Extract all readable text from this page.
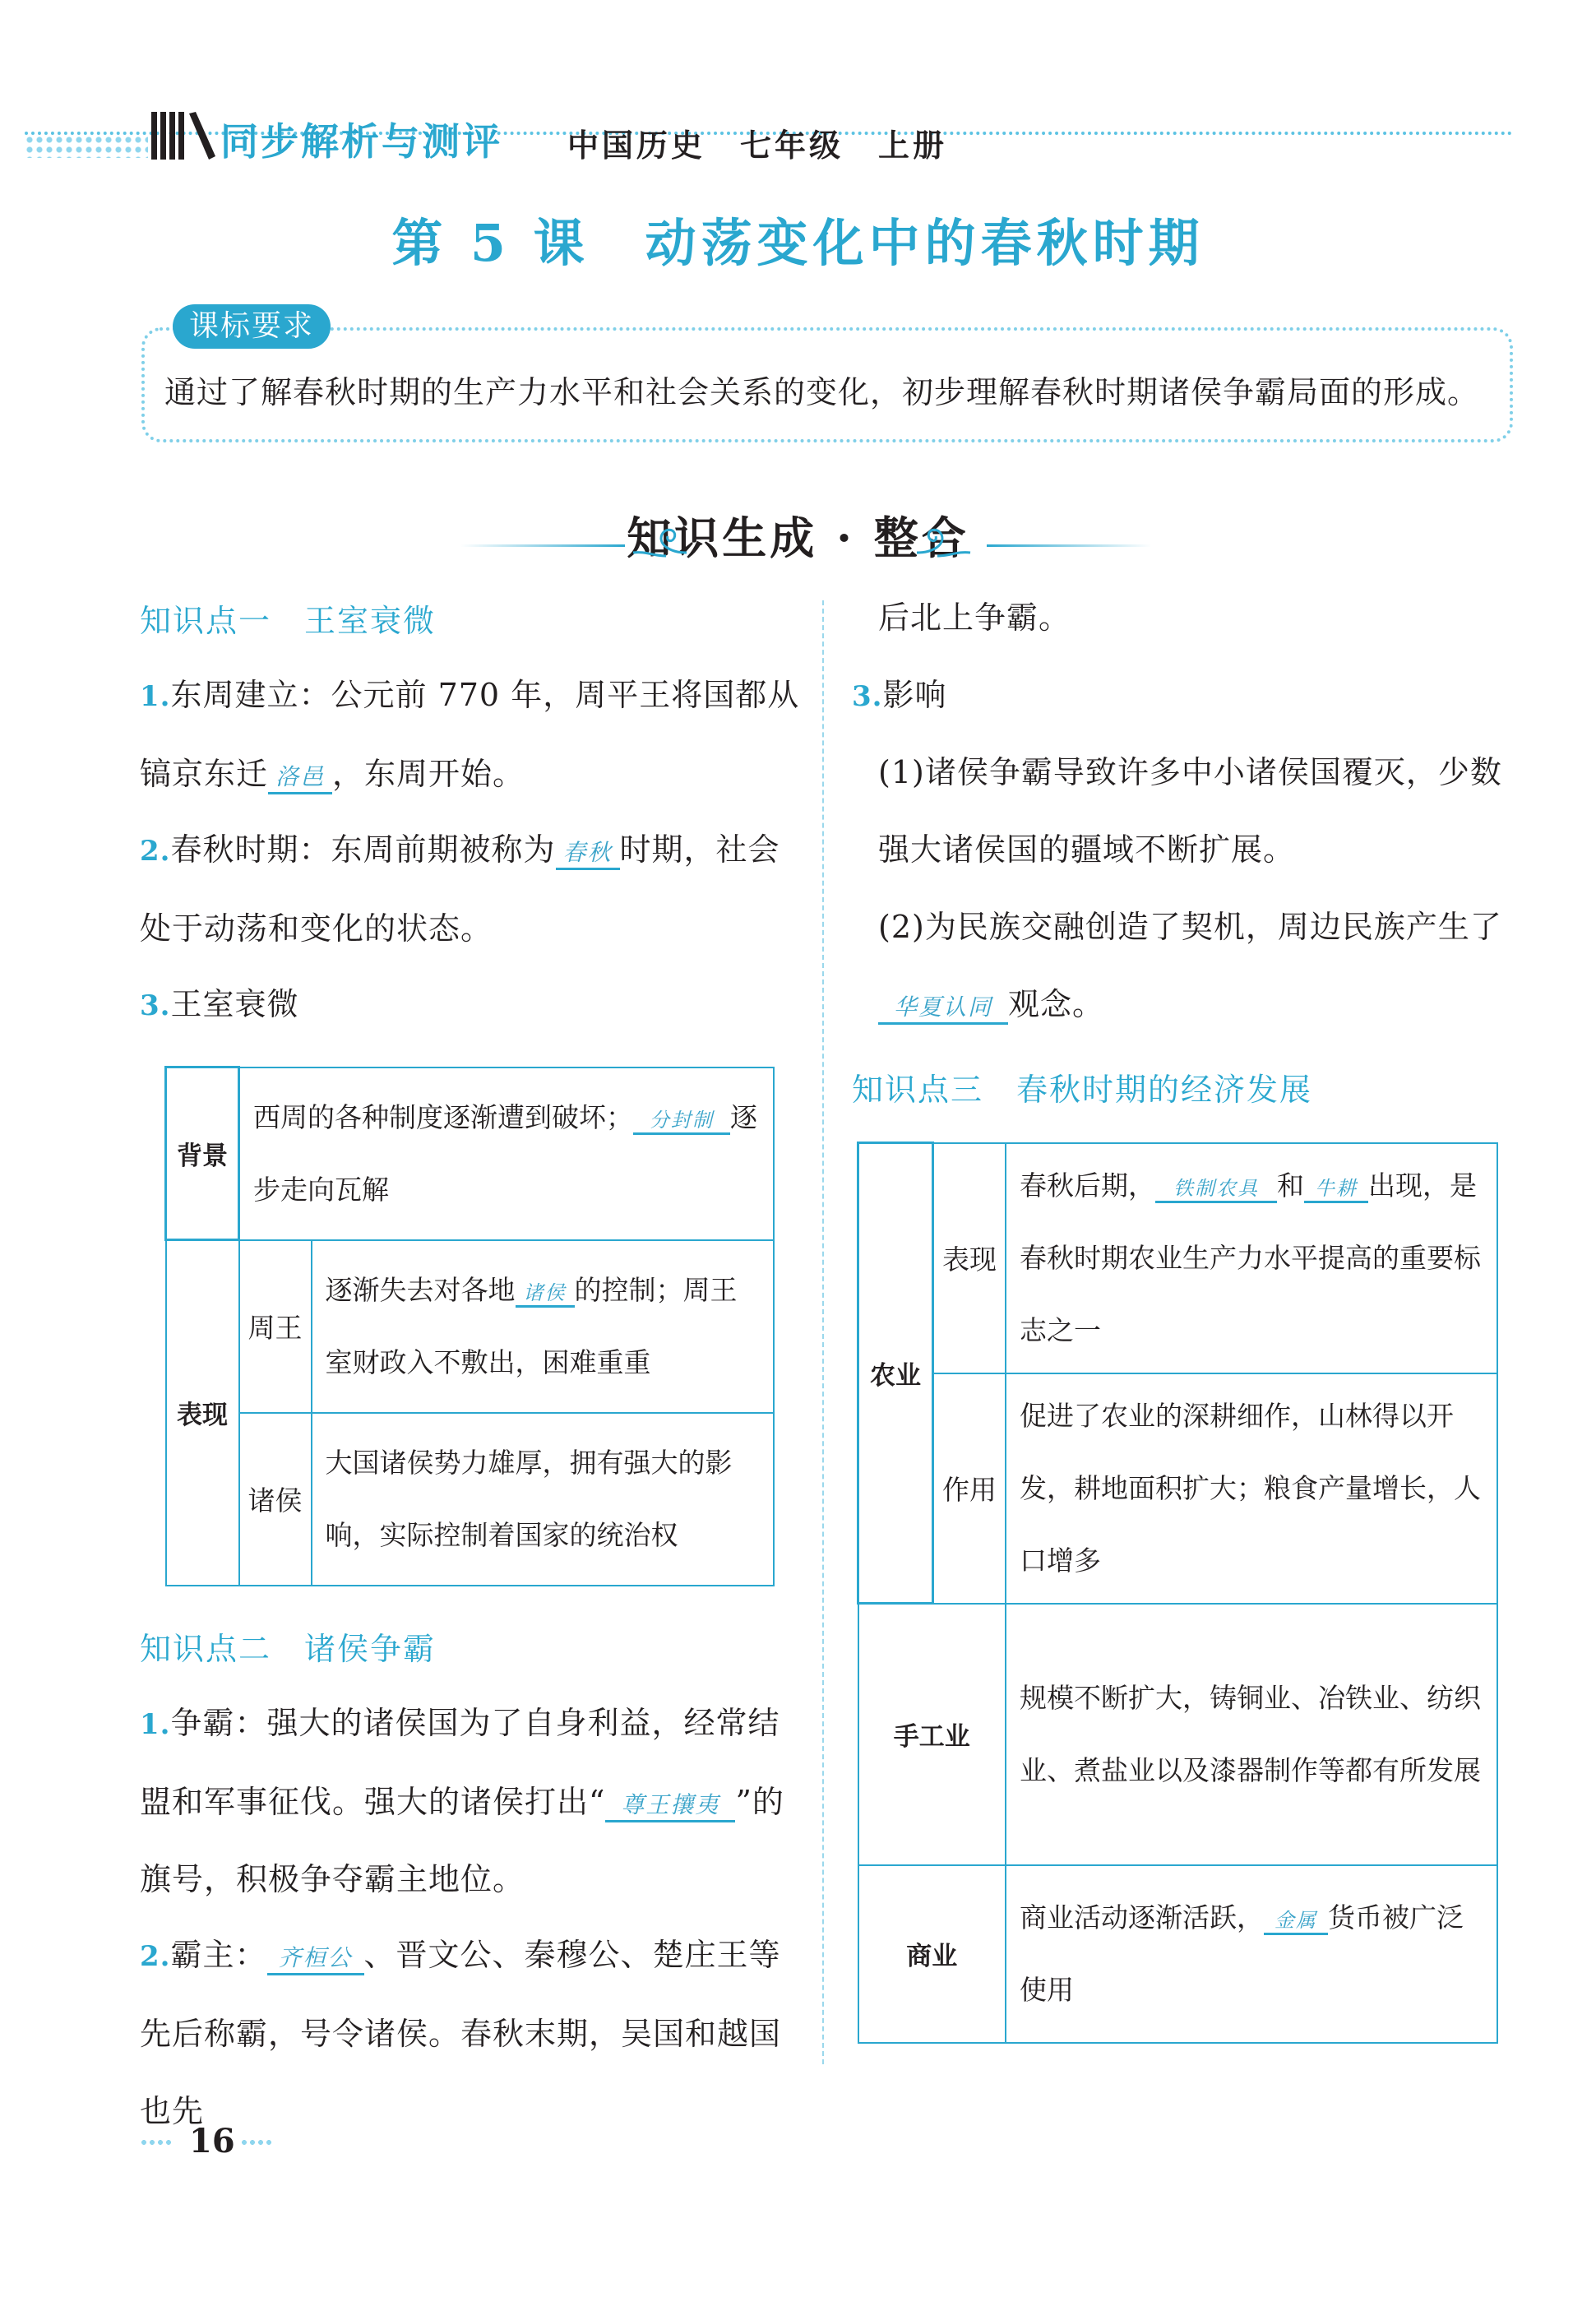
同步解析与测评 中国历史　七年级　上册
第 5 课　动荡变化中的春秋时期
课标要求
通过了解春秋时期的生产力水平和社会关系的变化，初步理解春秋时期诸侯争霸局面的形成。
知识生成 · 整合
知识点一　王室衰微
1.东周建立：公元前 770 年，周平王将国都从镐京东迁 洛邑 ，东周开始。
2.春秋时期：东周前期被称为 春秋 时期，社会处于动荡和变化的状态。
3.王室衰微
背景	西周的各种制度逐渐遭到破坏； 分封制 逐步走向瓦解	
表现	周王	逐渐失去对各地 诸侯 的控制；周王室财政入不敷出，困难重重
	诸侯	大国诸侯势力雄厚，拥有强大的影响，实际控制着国家的统治权
知识点二　诸侯争霸
1.争霸：强大的诸侯国为了自身利益，经常结盟和军事征伐。强大的诸侯打出“ 尊王攘夷 ”的旗号，积极争夺霸主地位。
2.霸主： 齐桓公 、晋文公、秦穆公、楚庄王等先后称霸，号令诸侯。春秋末期，吴国和越国也先
后北上争霸。
3.影响
(1)诸侯争霸导致许多中小诸侯国覆灭，少数强大诸侯国的疆域不断扩展。
(2)为民族交融创造了契机，周边民族产生了华夏认同 观念。
知识点三　春秋时期的经济发展
农业	表现	春秋后期， 铁制农具 和 牛耕 出现，是春秋时期农业生产力水平提高的重要标志之一
	作用	促进了农业的深耕细作，山林得以开发，耕地面积扩大；粮食产量增长，人口增多
手工业		规模不断扩大，铸铜业、冶铁业、纺织业、煮盐业以及漆器制作等都有所发展
商业		商业活动逐渐活跃， 金属 货币被广泛使用
16
